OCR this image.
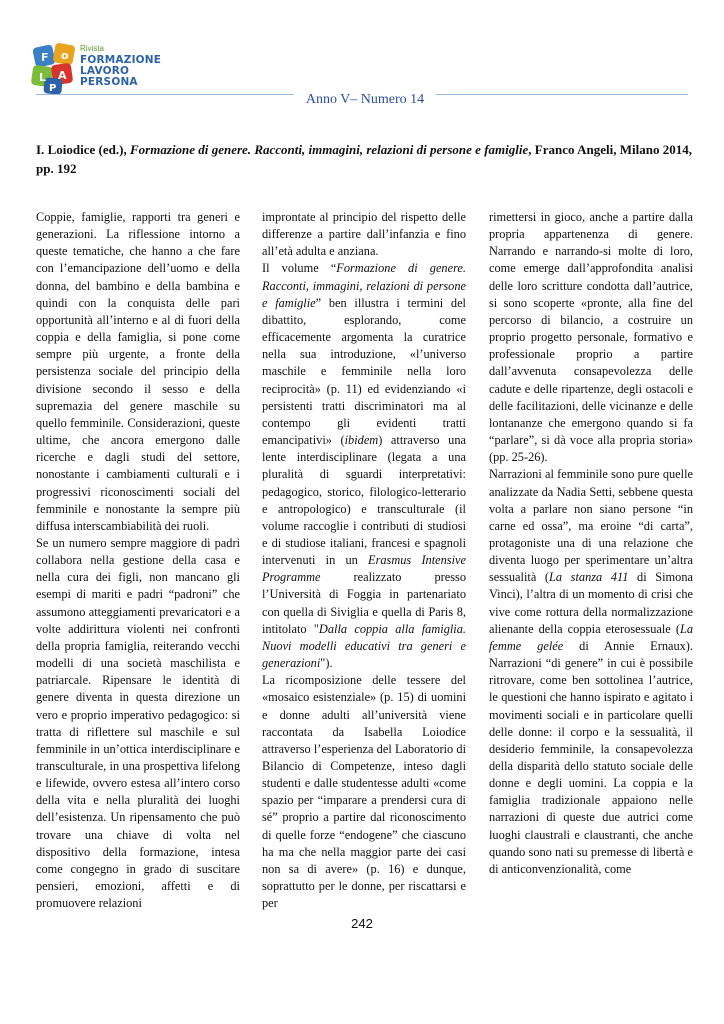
F o
L A
P
Rivista
FORMAZIONE
LAVORO
PERSONA
Anno V– Numero 14
I. Loiodice (ed.), Formazione di genere. Racconti, immagini, relazioni di persone e famiglie, Franco Angeli, Milano 2014, pp. 192

Coppie, famiglie, rapporti tra generi e generazioni. La riflessione intorno a queste tematiche, che hanno a che fare con l’emancipazione dell’uomo e della donna, del bambino e della bambina e quindi con la conquista delle pari opportunità all’interno e al di fuori della coppia e della famiglia, si pone come sempre più urgente, a fronte della persistenza sociale del principio della divisione secondo il sesso e della supremazia del genere maschile su quello femminile. Considerazioni, queste ultime, che ancora emergono dalle ricerche e dagli studi del settore, nonostante i cambiamenti culturali e i progressivi riconoscimenti sociali del femminile e nonostante la sempre più diffusa interscambiabilità dei ruoli.

Se un numero sempre maggiore di padri collabora nella gestione della casa e nella cura dei figli, non mancano gli esempi di mariti e padri “padroni” che assumono atteggiamenti prevaricatori e a volte addirittura violenti nei confronti della propria famiglia, reiterando vecchi modelli di una società maschilista e patriarcale. Ripensare le identità di genere diventa in questa direzione un vero e proprio imperativo pedagogico: si tratta di riflettere sul maschile e sul femminile in un’ottica interdisciplinare e transculturale, in una prospettiva lifelong e lifewide, ovvero estesa all’intero corso della vita e nella pluralità dei luoghi dell’esistenza. Un ripensamento che può trovare una chiave di volta nel dispositivo della formazione, intesa come congegno in grado di suscitare pensieri, emozioni, affetti e di promuovere relazioni

improntate al principio del rispetto delle differenze a partire dall’infanzia e fino all’età adulta e anziana.

Il volume “Formazione di genere. Racconti, immagini, relazioni di persone e famiglie” ben illustra i termini del dibattito, esplorando, come efficacemente argomenta la curatrice nella sua introduzione, «l’universo maschile e femminile nella loro reciprocità» (p. 11) ed evidenziando «i persistenti tratti discriminatori ma al contempo gli evidenti tratti emancipativi» (ibidem) attraverso una lente interdisciplinare (legata a una pluralità di sguardi interpretativi: pedagogico, storico, filologico-letterario e antropologico) e transculturale (il volume raccoglie i contributi di studiosi e di studiose italiani, francesi e spagnoli intervenuti in un Erasmus Intensive Programme realizzato presso l’Università di Foggia in partenariato con quella di Siviglia e quella di Paris 8, intitolato "Dalla coppia alla famiglia. Nuovi modelli educativi tra generi e generazioni").

La ricomposizione delle tessere del «mosaico esistenziale» (p. 15) di uomini e donne adulti all’università viene raccontata da Isabella Loiodice attraverso l’esperienza del Laboratorio di Bilancio di Competenze, inteso dagli studenti e dalle studentesse adulti «come spazio per “imparare a prendersi cura di sé” proprio a partire dal riconoscimento di quelle forze “endogene” che ciascuno ha ma che nella maggior parte dei casi non sa di avere» (p. 16) e dunque, soprattutto per le donne, per riscattarsi e per

rimettersi in gioco, anche a partire dalla propria appartenenza di genere. Narrando e narrando-si molte di loro, come emerge dall’approfondita analisi delle loro scritture condotta dall’autrice, si sono scoperte «pronte, alla fine del percorso di bilancio, a costruire un proprio progetto personale, formativo e professionale proprio a partire dall’avvenuta consapevolezza delle cadute e delle ripartenze, degli ostacoli e delle facilitazioni, delle vicinanze e delle lontananze che emergono quando si fa “parlare”, si dà voce alla propria storia» (pp. 25-26).

Narrazioni al femminile sono pure quelle analizzate da Nadia Setti, sebbene questa volta a parlare non siano persone “in carne ed ossa”, ma eroine “di carta”, protagoniste una di una relazione che diventa luogo per sperimentare un’altra sessualità (La stanza 411 di Simona Vinci), l’altra di un momento di crisi che vive come rottura della normalizzazione alienante della coppia eterosessuale (La femme gelée di Annie Ernaux). Narrazioni “di genere” in cui è possibile ritrovare, come ben sottolinea l’autrice, le questioni che hanno ispirato e agitato i movimenti sociali e in particolare quelli delle donne: il corpo e la sessualità, il desiderio femminile, la consapevolezza della disparità dello statuto sociale delle donne e degli uomini. La coppia e la famiglia tradizionale appaiono nelle narrazioni di queste due autrici come luoghi claustrali e claustranti, che anche quando sono nati su premesse di libertà e di anticonvenzionalità, come

242
